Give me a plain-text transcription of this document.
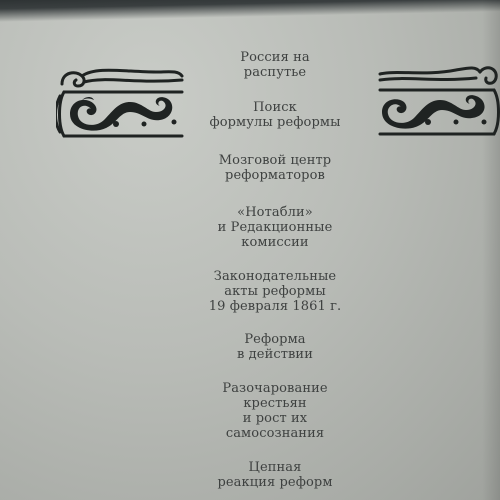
Россия на
распутье
Поиск
формулы реформы
Мозговой центр
реформаторов
«Нотабли»
и Редакционные
комиссии
Законодательные
акты реформы
19 февраля 1861 г.
Реформа
в действии
Разочарование
крестьян
и рост их
самосознания
Цепная
реакция реформ
